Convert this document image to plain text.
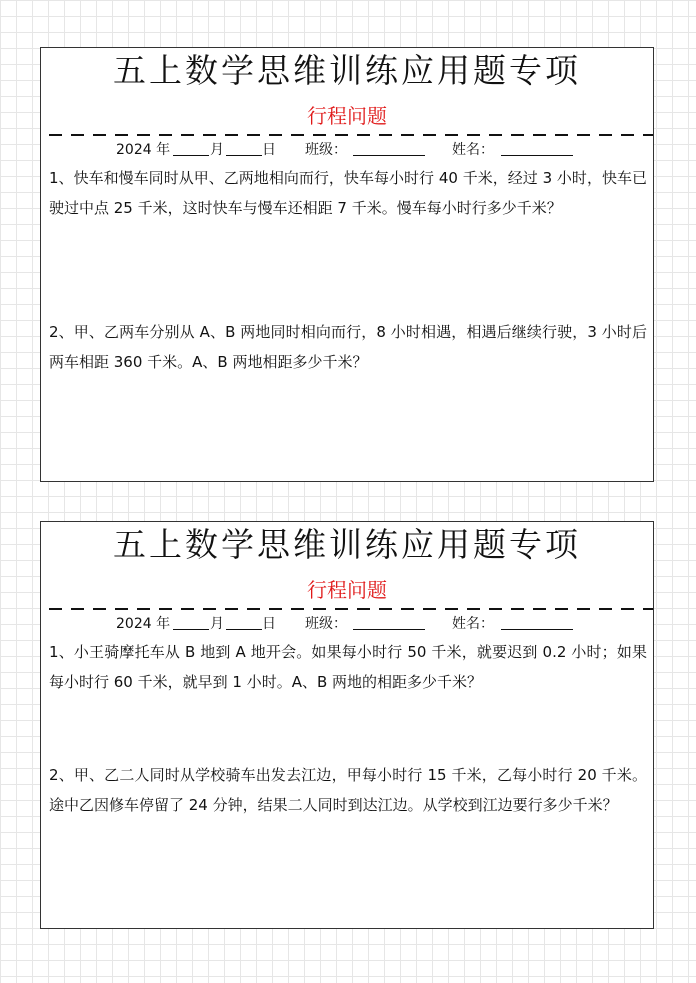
五上数学思维训练应用题专项
行程问题
2024 年	月	日 班级：	姓名：
1、快车和慢车同时从甲、乙两地相向而行，快车每小时行 40 千米，经过 3 小时，快车已驶过中点 25 千米，这时快车与慢车还相距 7 千米。慢车每小时行多少千米？
2、甲、乙两车分别从 A、B 两地同时相向而行，8 小时相遇，相遇后继续行驶，3 小时后两车相距 360 千米。A、B 两地相距多少千米？
五上数学思维训练应用题专项
行程问题
2024 年	月	日 班级：	姓名：
1、小王骑摩托车从 B 地到 A 地开会。如果每小时行 50 千米，就要迟到 0.2 小时；如果每小时行 60 千米，就早到 1 小时。A、B 两地的相距多少千米？
2、甲、乙二人同时从学校骑车出发去江边，甲每小时行 15 千米，乙每小时行 20 千米。途中乙因修车停留了 24 分钟，结果二人同时到达江边。从学校到江边要行多少千米？
